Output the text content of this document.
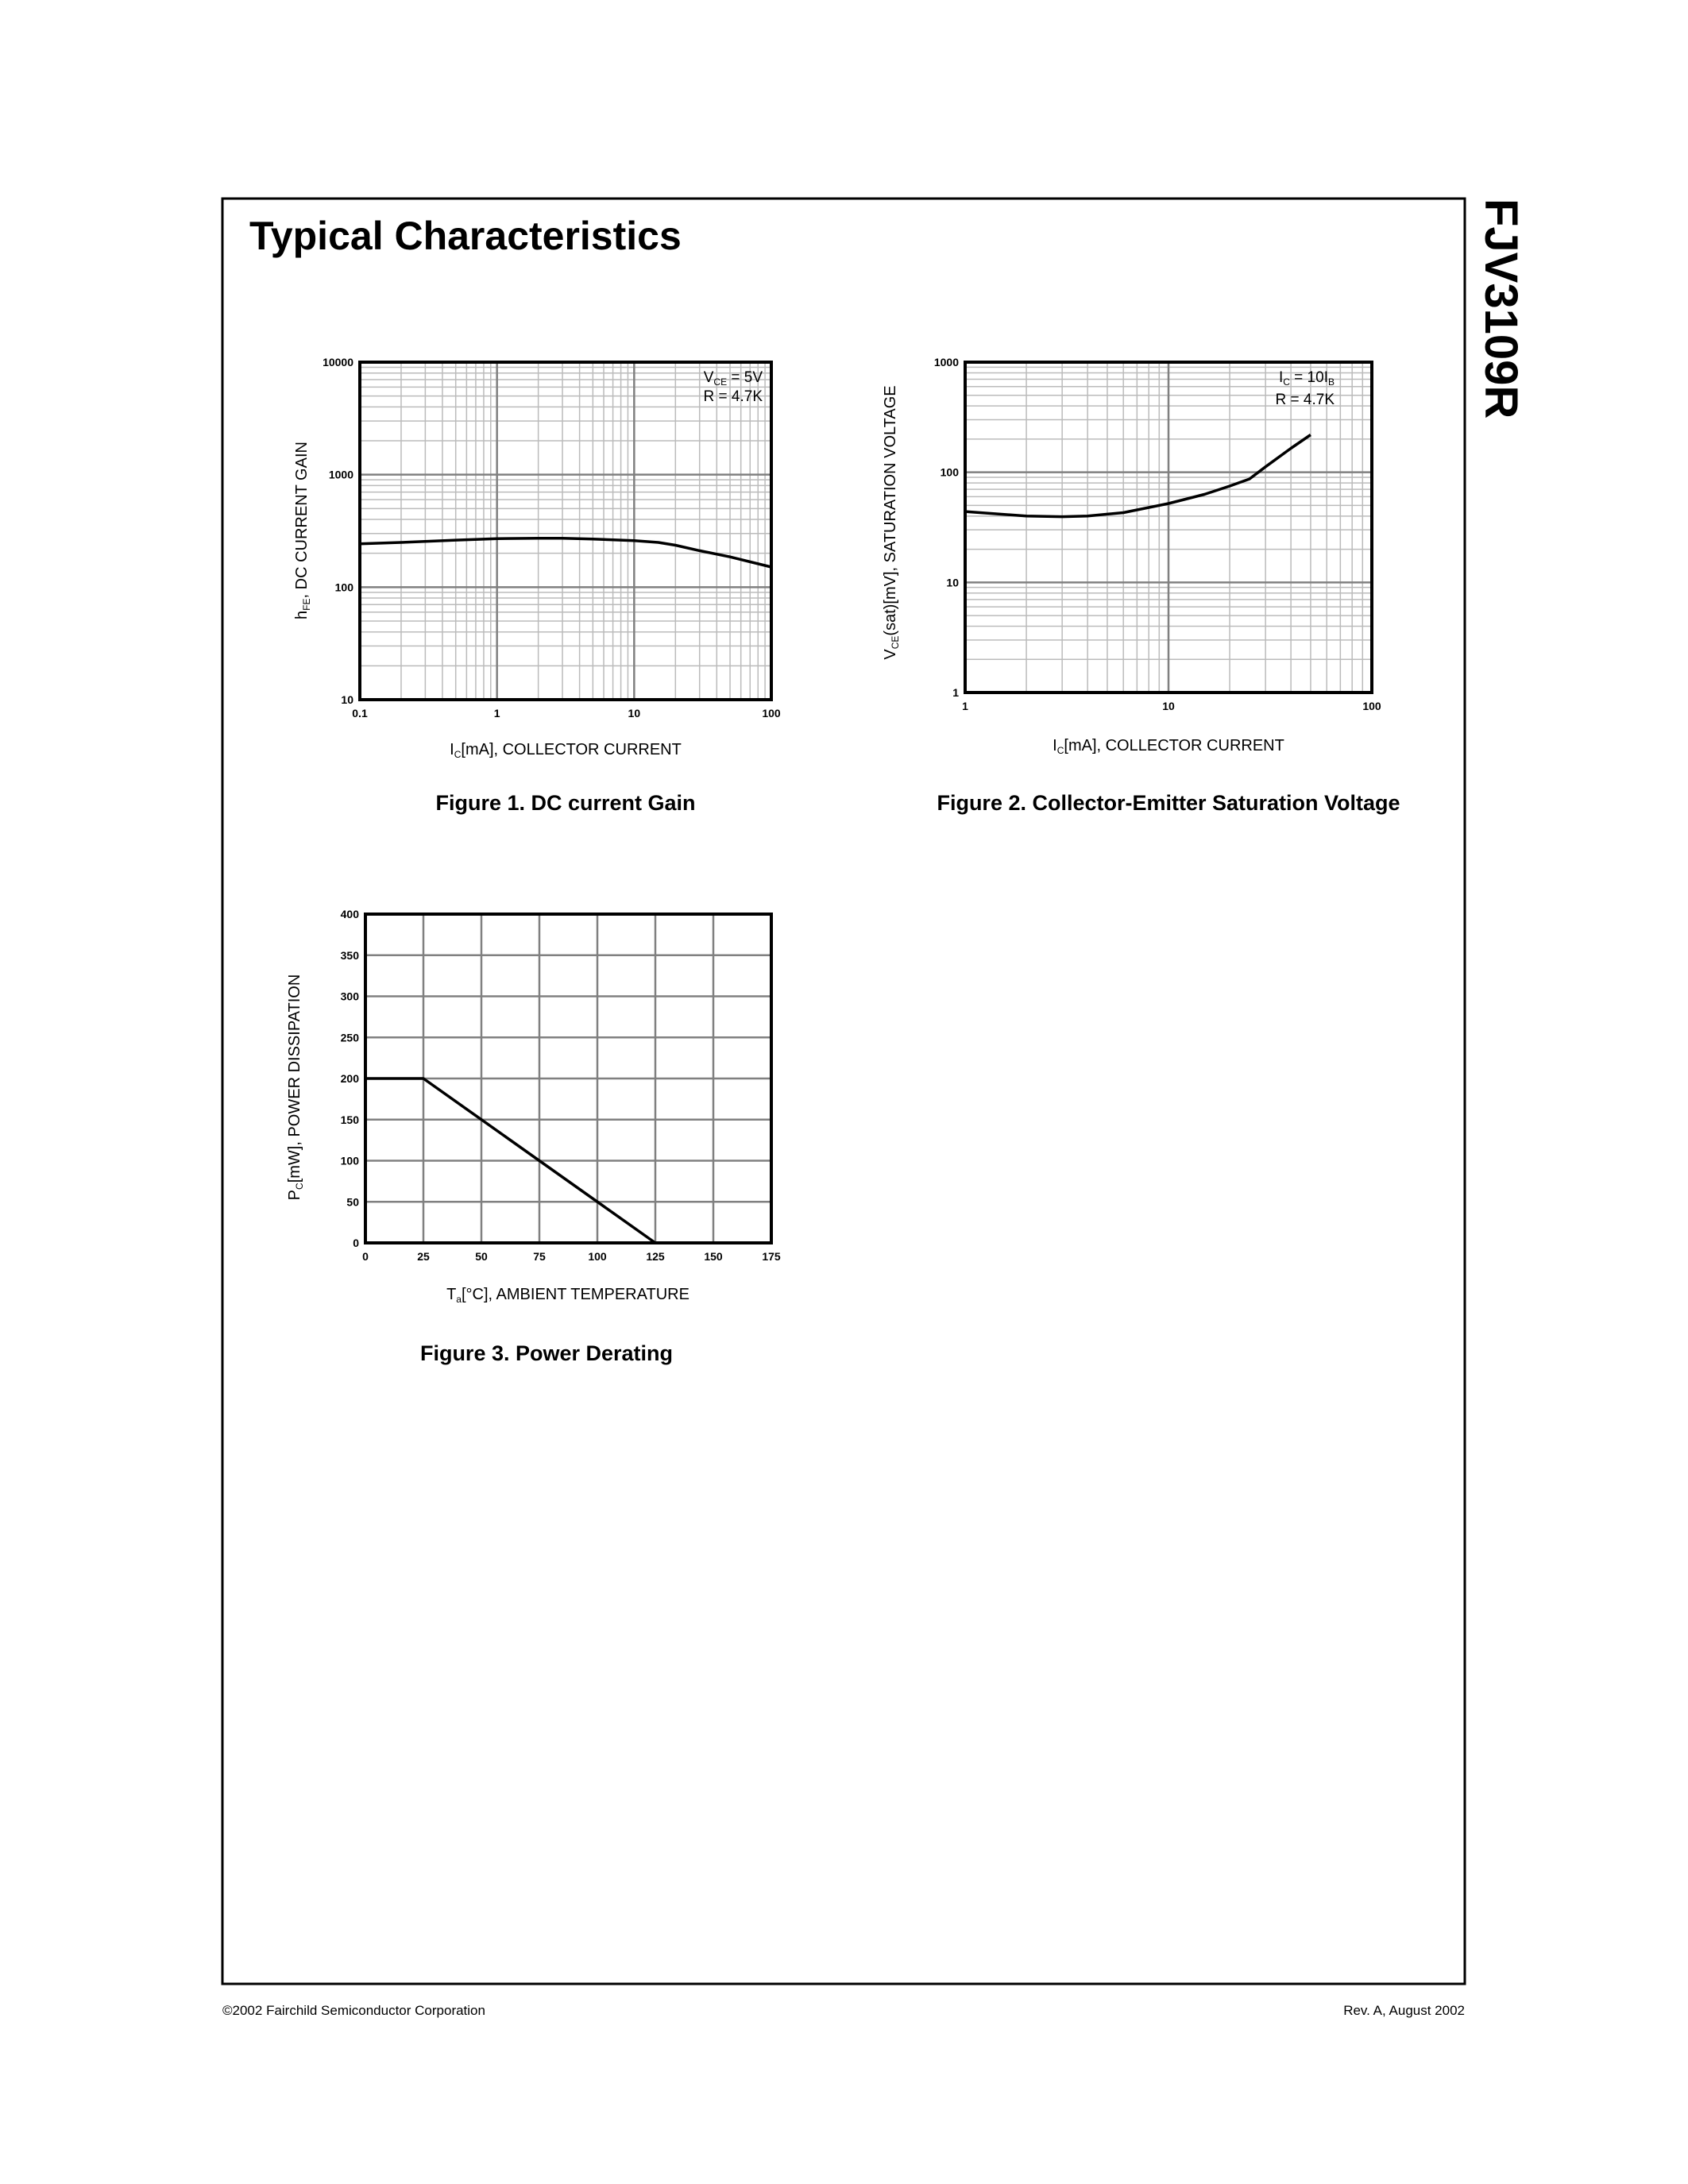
Typical Characteristics	FJV3109R
©2002 Fairchild Semiconductor Corporation	Rev. A, August 2002
0.1	1	10	100
10
100
1000
10000
$V_{CE} = 5V$
R = 4.7K
$I_C[mA]$, COLLECTOR CURRENT
$h_{FE}$, DC CURRENT GAIN
Figure 1. DC current Gain
1	10	100
1
10
100
1000
$I_C = 10I_B$
R = 4.7K
$I_C[mA]$, COLLECTOR CURRENT
$V_{CE}(sat)[mV]$, SATURATION VOLTAGE
Figure 2. Collector-Emitter Saturation Voltage
0	25	50	75	100	125	150	175
0
50
100
150
200
250
300
350
400
$T_a[^\circ C]$, AMBIENT TEMPERATURE
$P_C[mW]$, POWER DISSIPATION
Figure 3. Power Derating
